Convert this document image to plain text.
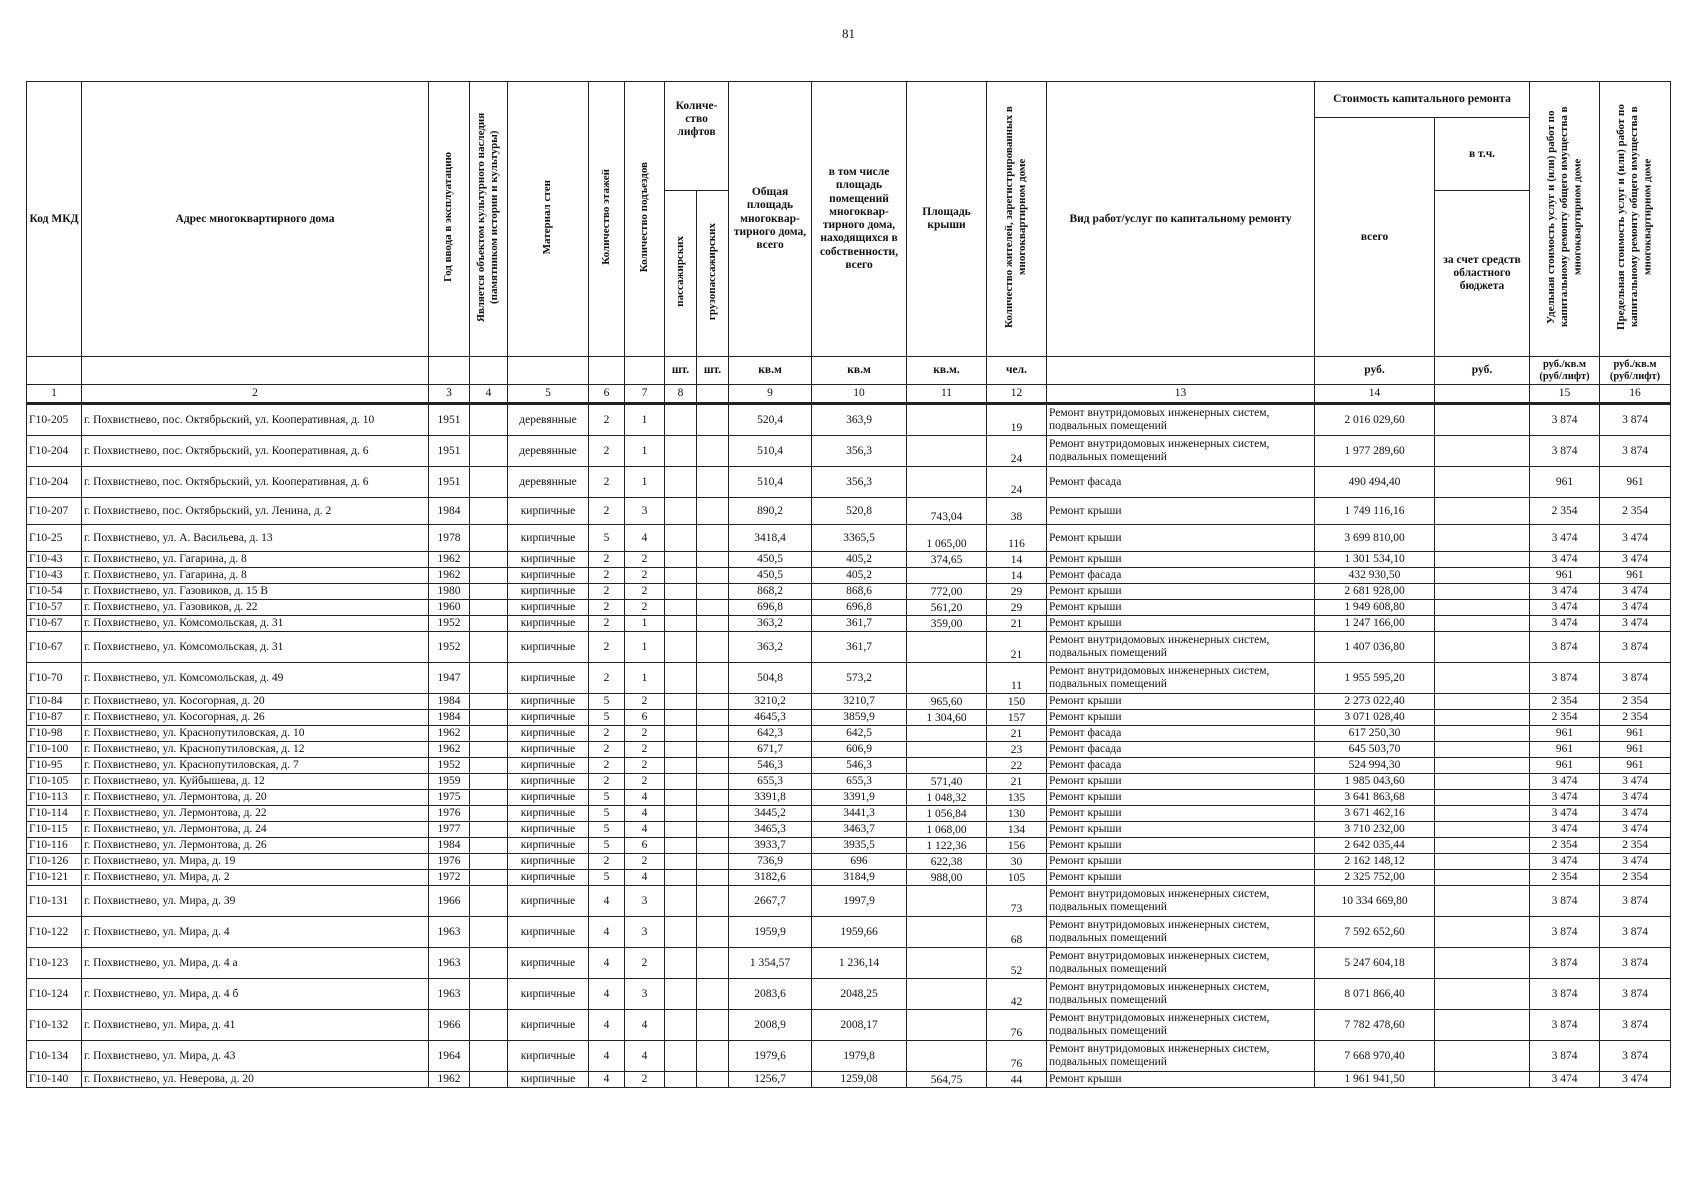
81
Код МКД	Адрес многоквартирного дома	Год ввода в эксплуатацию	Является объектом культурного наследия (памятником истории и культуры)	Материал стен	Количество этажей	Количество подъездов	Количе-ство лифтов		Общая площадь многоквар-тирного дома, всего	в том числе площадь помещений многоквар-тирного дома, находящихся в собственности, всего	Площадь крыши	Количество жителей, зарегистрированных в многоквартирном доме	Вид работ/услуг по капитальному ремонту	Стоимость капитального ремонта		Удельная стоимость услуг и (или) работ по капитальному ремонту общего имущества в многоквартирном доме	Предельная стоимость услуг и (или) работ по капитальному ремонту общего имущества в многоквартирном доме
														всего	в т.ч.		
							пассажирских	грузопассажирских							за счет средств областного бюджета		
							шт.	шт.	кв.м	кв.м	кв.м.	чел.		руб.	руб.	руб./кв.м (руб/лифт)	руб./кв.м (руб/лифт)
1	2	3	4	5	6	7	8		9	10	11	12	13	14		15	16
Г10-205	г. Похвистнево, пос. Октябрьский, ул. Кооперативная, д. 10	1951		деревянные	2	1			520,4	363,9		19	Ремонт внутридомовых инженерных систем, подвальных помещений	2 016 029,60		3 874	3 874
Г10-204	г. Похвистнево, пос. Октябрьский, ул. Кооперативная, д. 6	1951		деревянные	2	1			510,4	356,3		24	Ремонт внутридомовых инженерных систем, подвальных помещений	1 977 289,60		3 874	3 874
Г10-204	г. Похвистнево, пос. Октябрьский, ул. Кооперативная, д. 6	1951		деревянные	2	1			510,4	356,3		24	Ремонт фасада	490 494,40		961	961
Г10-207	г. Похвистнево, пос. Октябрьский, ул. Ленина, д. 2	1984		кирпичные	2	3			890,2	520,8	743,04	38	Ремонт крыши	1 749 116,16		2 354	2 354
Г10-25	г. Похвистнево, ул. А. Васильева, д. 13	1978		кирпичные	5	4			3418,4	3365,5	1 065,00	116	Ремонт крыши	3 699 810,00		3 474	3 474
Г10-43	г. Похвистнево, ул. Гагарина, д. 8	1962		кирпичные	2	2			450,5	405,2	374,65	14	Ремонт крыши	1 301 534,10		3 474	3 474
Г10-43	г. Похвистнево, ул. Гагарина, д. 8	1962		кирпичные	2	2			450,5	405,2		14	Ремонт фасада	432 930,50		961	961
Г10-54	г. Похвистнево, ул. Газовиков, д. 15 В	1980		кирпичные	2	2			868,2	868,6	772,00	29	Ремонт крыши	2 681 928,00		3 474	3 474
Г10-57	г. Похвистнево, ул. Газовиков, д. 22	1960		кирпичные	2	2			696,8	696,8	561,20	29	Ремонт крыши	1 949 608,80		3 474	3 474
Г10-67	г. Похвистнево, ул. Комсомольская, д. 31	1952		кирпичные	2	1			363,2	361,7	359,00	21	Ремонт крыши	1 247 166,00		3 474	3 474
Г10-67	г. Похвистнево, ул. Комсомольская, д. 31	1952		кирпичные	2	1			363,2	361,7		21	Ремонт внутридомовых инженерных систем, подвальных помещений	1 407 036,80		3 874	3 874
Г10-70	г. Похвистнево, ул. Комсомольская, д. 49	1947		кирпичные	2	1			504,8	573,2		11	Ремонт внутридомовых инженерных систем, подвальных помещений	1 955 595,20		3 874	3 874
Г10-84	г. Похвистнево, ул. Косогорная, д. 20	1984		кирпичные	5	2			3210,2	3210,7	965,60	150	Ремонт крыши	2 273 022,40		2 354	2 354
Г10-87	г. Похвистнево, ул. Косогорная, д. 26	1984		кирпичные	5	6			4645,3	3859,9	1 304,60	157	Ремонт крыши	3 071 028,40		2 354	2 354
Г10-98	г. Похвистнево, ул. Краснопутиловская, д. 10	1962		кирпичные	2	2			642,3	642,5		21	Ремонт фасада	617 250,30		961	961
Г10-100	г. Похвистнево, ул. Краснопутиловская, д. 12	1962		кирпичные	2	2			671,7	606,9		23	Ремонт фасада	645 503,70		961	961
Г10-95	г. Похвистнево, ул. Краснопутиловская, д. 7	1952		кирпичные	2	2			546,3	546,3		22	Ремонт фасада	524 994,30		961	961
Г10-105	г. Похвистнево, ул. Куйбышева, д. 12	1959		кирпичные	2	2			655,3	655,3	571,40	21	Ремонт крыши	1 985 043,60		3 474	3 474
Г10-113	г. Похвистнево, ул. Лермонтова, д. 20	1975		кирпичные	5	4			3391,8	3391,9	1 048,32	135	Ремонт крыши	3 641 863,68		3 474	3 474
Г10-114	г. Похвистнево, ул. Лермонтова, д. 22	1976		кирпичные	5	4			3445,2	3441,3	1 056,84	130	Ремонт крыши	3 671 462,16		3 474	3 474
Г10-115	г. Похвистнево, ул. Лермонтова, д. 24	1977		кирпичные	5	4			3465,3	3463,7	1 068,00	134	Ремонт крыши	3 710 232,00		3 474	3 474
Г10-116	г. Похвистнево, ул. Лермонтова, д. 26	1984		кирпичные	5	6			3933,7	3935,5	1 122,36	156	Ремонт крыши	2 642 035,44		2 354	2 354
Г10-126	г. Похвистнево, ул. Мира, д. 19	1976		кирпичные	2	2			736,9	696	622,38	30	Ремонт крыши	2 162 148,12		3 474	3 474
Г10-121	г. Похвистнево, ул. Мира, д. 2	1972		кирпичные	5	4			3182,6	3184,9	988,00	105	Ремонт крыши	2 325 752,00		2 354	2 354
Г10-131	г. Похвистнево, ул. Мира, д. 39	1966		кирпичные	4	3			2667,7	1997,9		73	Ремонт внутридомовых инженерных систем, подвальных помещений	10 334 669,80		3 874	3 874
Г10-122	г. Похвистнево, ул. Мира, д. 4	1963		кирпичные	4	3			1959,9	1959,66		68	Ремонт внутридомовых инженерных систем, подвальных помещений	7 592 652,60		3 874	3 874
Г10-123	г. Похвистнево, ул. Мира, д. 4 а	1963		кирпичные	4	2			1 354,57	1 236,14		52	Ремонт внутридомовых инженерных систем, подвальных помещений	5 247 604,18		3 874	3 874
Г10-124	г. Похвистнево, ул. Мира, д. 4 б	1963		кирпичные	4	3			2083,6	2048,25		42	Ремонт внутридомовых инженерных систем, подвальных помещений	8 071 866,40		3 874	3 874
Г10-132	г. Похвистнево, ул. Мира, д. 41	1966		кирпичные	4	4			2008,9	2008,17		76	Ремонт внутридомовых инженерных систем, подвальных помещений	7 782 478,60		3 874	3 874
Г10-134	г. Похвистнево, ул. Мира, д. 43	1964		кирпичные	4	4			1979,6	1979,8		76	Ремонт внутридомовых инженерных систем, подвальных помещений	7 668 970,40		3 874	3 874
Г10-140	г. Похвистнево, ул. Неверова, д. 20	1962		кирпичные	4	2			1256,7	1259,08	564,75	44	Ремонт крыши	1 961 941,50		3 474	3 474
